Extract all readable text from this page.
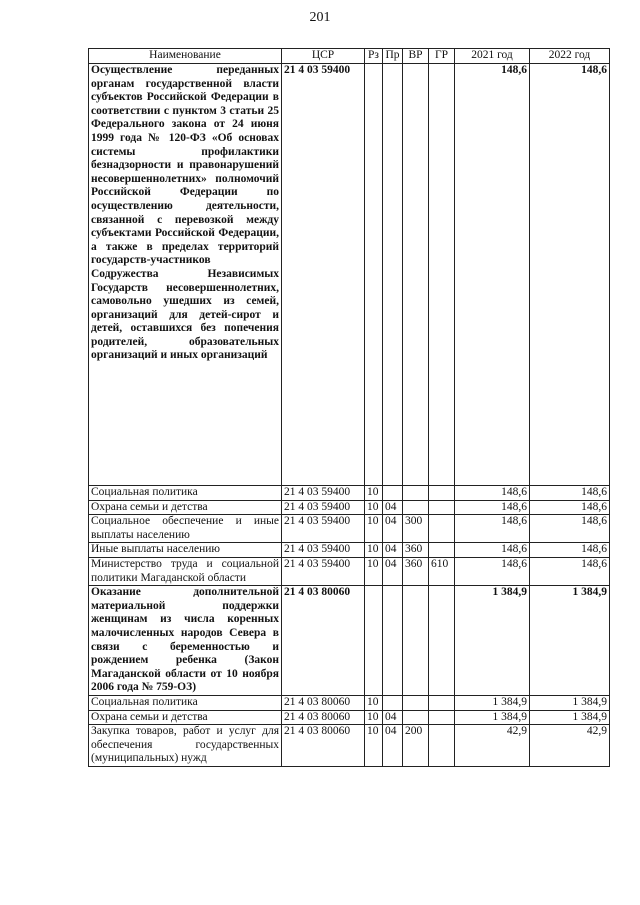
201
Наименование	ЦСР	Рз	Пр	ВР	ГР	2021 год	2022 год
Осуществление переданных органам государственной власти субъектов Российской Федерации в соответствии с пунктом 3 статьи 25 Федерального закона от 24 июня 1999 года № 120-ФЗ «Об основах системы профилактики безнадзорности и правонарушений несовершеннолетних» полномочий Российской Федерации по осуществлению деятельности, связанной с перевозкой между субъектами Российской Федерации, а также в пределах территорий государств-участников Содружества Независимых Государств несовершеннолетних, самовольно ушедших из семей, организаций для детей-сирот и детей, оставшихся без попечения родителей, образовательных организаций и иных организаций	21 4 03 59400					148,6	148,6
Социальная политика	21 4 03 59400	10				148,6	148,6
Охрана семьи и детства	21 4 03 59400	10	04			148,6	148,6
Социальное обеспечение и иные выплаты населению	21 4 03 59400	10	04	300		148,6	148,6
Иные выплаты населению	21 4 03 59400	10	04	360		148,6	148,6
Министерство труда и социальной политики Магаданской области	21 4 03 59400	10	04	360	610	148,6	148,6
Оказание дополнительной материальной поддержки женщинам из числа коренных малочисленных народов Севера в связи с беременностью и рождением ребенка (Закон Магаданской области от 10 ноября 2006 года № 759-ОЗ)	21 4 03 80060					1 384,9	1 384,9
Социальная политика	21 4 03 80060	10				1 384,9	1 384,9
Охрана семьи и детства	21 4 03 80060	10	04			1 384,9	1 384,9
Закупка товаров, работ и услуг для обеспечения государственных (муниципальных) нужд	21 4 03 80060	10	04	200		42,9	42,9
